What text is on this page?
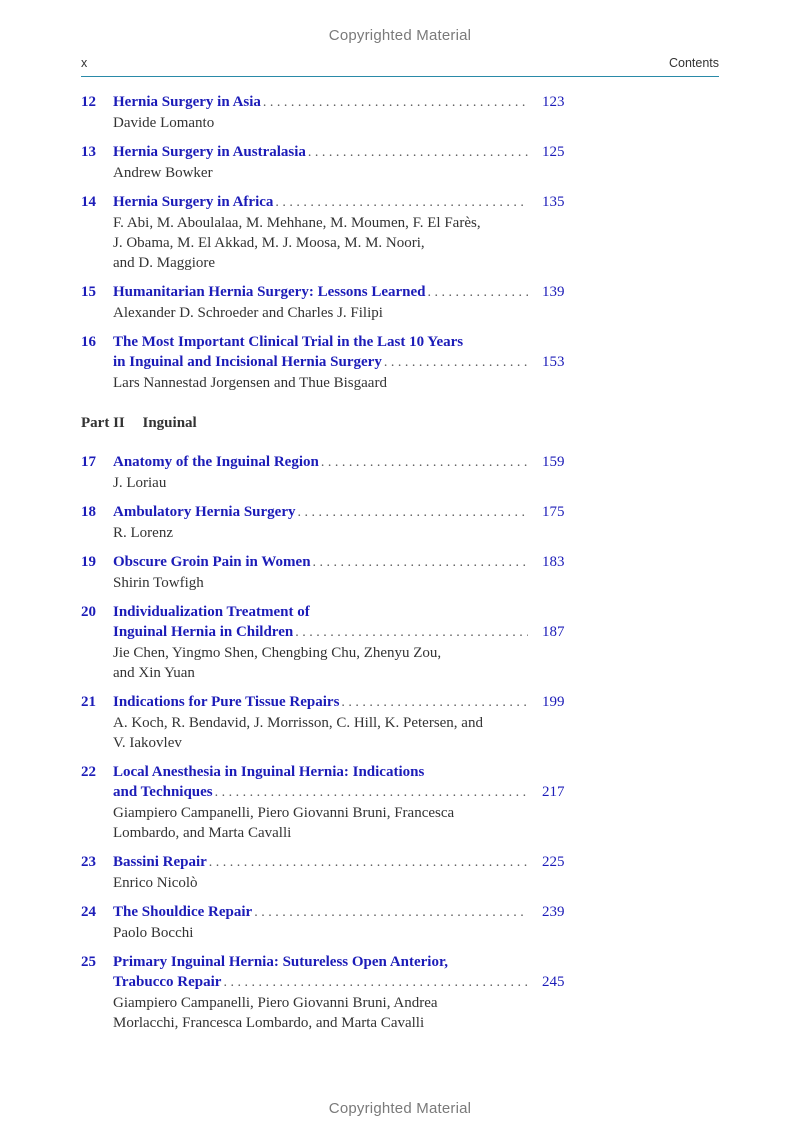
Copyrighted Material
x	Contents
12	Hernia Surgery in Asia . . .	123
Davide Lomanto
13	Hernia Surgery in Australasia . . .	125
Andrew Bowker
14	Hernia Surgery in Africa . . .	135
F. Abi, M. Aboulalaa, M. Mehhane, M. Moumen, F. El Farès,
J. Obama, M. El Akkad, M. J. Moosa, M. M. Noori,
and D. Maggiore
15	Humanitarian Hernia Surgery: Lessons Learned . . .	139
Alexander D. Schroeder and Charles J. Filipi
16	The Most Important Clinical Trial in the Last 10 Years
in Inguinal and Incisional Hernia Surgery . . .	153
Lars Nannestad Jorgensen and Thue Bisgaard
Part II Inguinal
17	Anatomy of the Inguinal Region . . .	159
J. Loriau
18	Ambulatory Hernia Surgery . . .	175
R. Lorenz
19	Obscure Groin Pain in Women . . .	183
Shirin Towfigh
20	Individualization Treatment of
Inguinal Hernia in Children . . .	187
Jie Chen, Yingmo Shen, Chengbing Chu, Zhenyu Zou,
and Xin Yuan
21	Indications for Pure Tissue Repairs . . .	199
A. Koch, R. Bendavid, J. Morrisson, C. Hill, K. Petersen, and
V. Iakovlev
22	Local Anesthesia in Inguinal Hernia: Indications
and Techniques . . .	217
Giampiero Campanelli, Piero Giovanni Bruni, Francesca
Lombardo, and Marta Cavalli
23	Bassini Repair . . .	225
Enrico Nicolò
24	The Shouldice Repair . . .	239
Paolo Bocchi
25	Primary Inguinal Hernia: Sutureless Open Anterior,
Trabucco Repair . . .	245
Giampiero Campanelli, Piero Giovanni Bruni, Andrea
Morlacchi, Francesca Lombardo, and Marta Cavalli
Copyrighted Material
